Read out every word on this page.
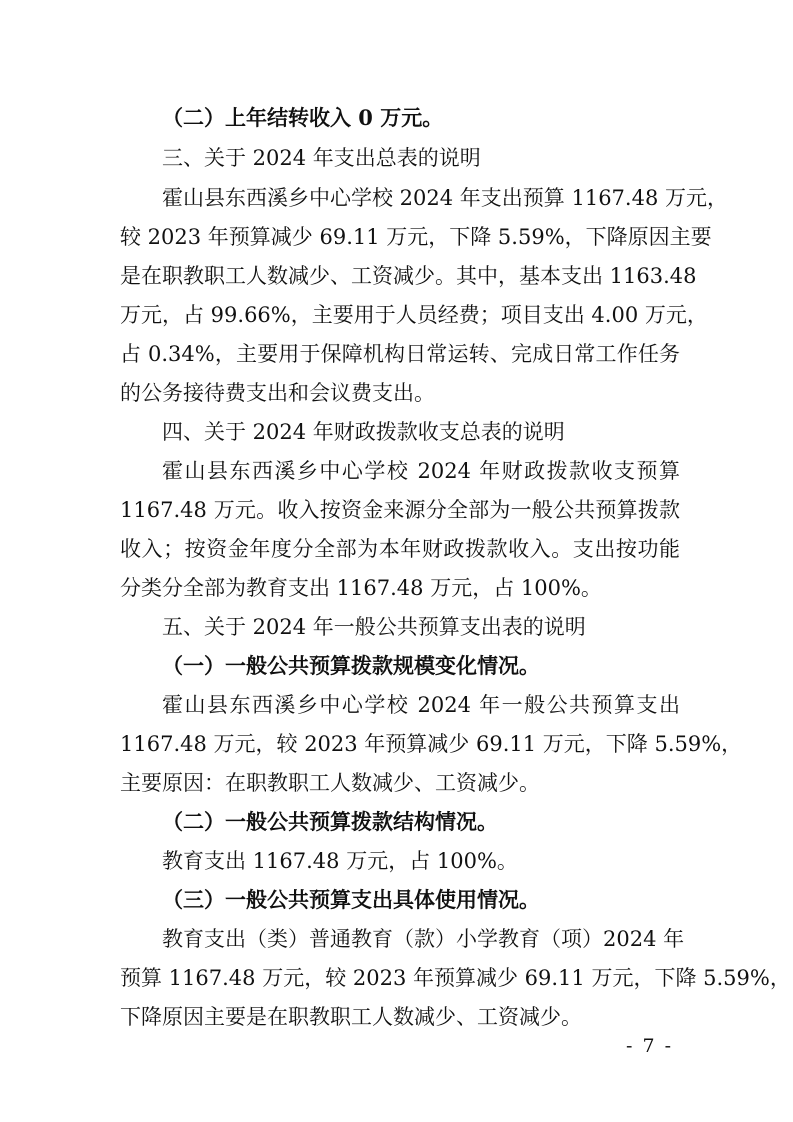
（二）上年结转收入 0 万元。
三、关于 2024 年支出总表的说明
霍山县东西溪乡中心学校 2024 年支出预算 1167.48 万元，
较 2023 年预算减少 69.11 万元，下降 5.59%，下降原因主要
是在职教职工人数减少、工资减少。其中，基本支出 1163.48
万元，占 99.66%，主要用于人员经费；项目支出 4.00 万元，
占 0.34%，主要用于保障机构日常运转、完成日常工作任务
的公务接待费支出和会议费支出。
四、关于 2024 年财政拨款收支总表的说明
霍山县东西溪乡中心学校 2024 年财政拨款收支预算
1167.48 万元。收入按资金来源分全部为一般公共预算拨款
收入；按资金年度分全部为本年财政拨款收入。支出按功能
分类分全部为教育支出 1167.48 万元，占 100%。
五、关于 2024 年一般公共预算支出表的说明
（一）一般公共预算拨款规模变化情况。
霍山县东西溪乡中心学校 2024 年一般公共预算支出
1167.48 万元，较 2023 年预算减少 69.11 万元，下降 5.59%，
主要原因：在职教职工人数减少、工资减少。
（二）一般公共预算拨款结构情况。
教育支出 1167.48 万元，占 100%。
（三）一般公共预算支出具体使用情况。
教育支出（类）普通教育（款）小学教育（项）2024 年
预算 1167.48 万元，较 2023 年预算减少 69.11 万元，下降 5.59%，
下降原因主要是在职教职工人数减少、工资减少。
- 7 -
